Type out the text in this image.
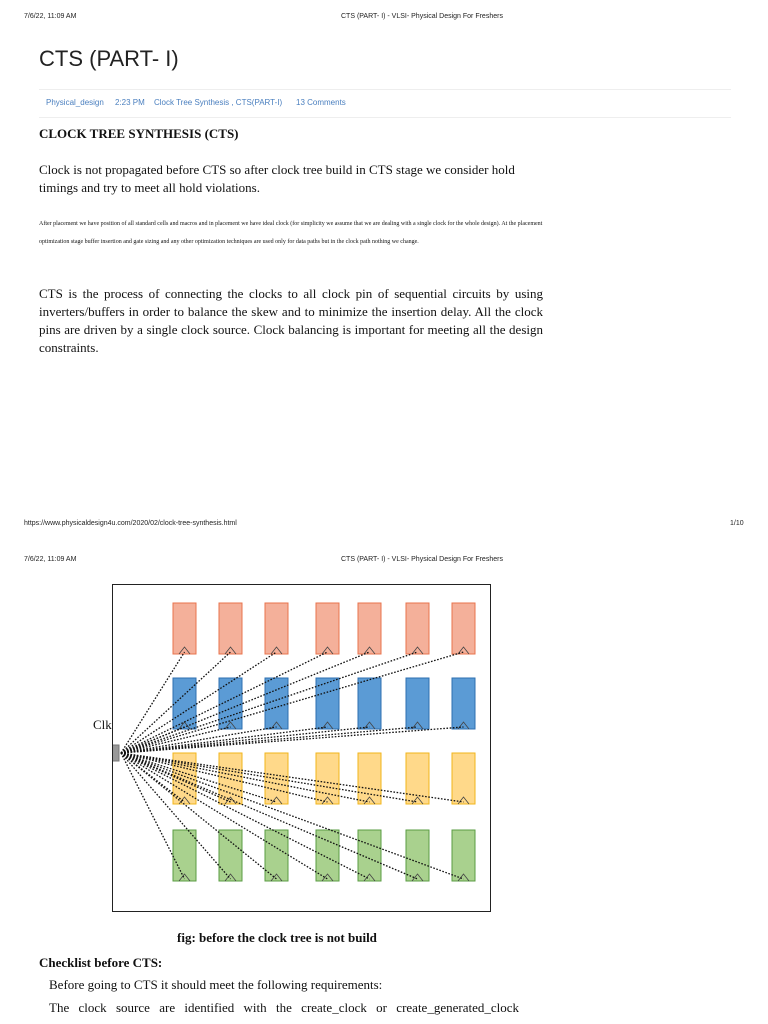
7/6/22, 11:09 AM	CTS (PART- I) - VLSI- Physical Design For Freshers
CTS (PART- I)
Physical_design 2:23 PM Clock Tree Synthesis , CTS(PART-I) 13 Comments
CLOCK TREE SYNTHESIS (CTS)
Clock is not propagated before CTS so after clock tree build in CTS stage we consider hold timings and try to meet all hold violations.
After placement we have position of all standard cells and macros and in placement we have ideal clock (for simplicity we assume that we are dealing with a single clock for the whole design). At the placement optimization stage buffer insertion and gate sizing and any other optimization techniques are used only for data paths but in the clock path nothing we change.
CTS is the process of connecting the clocks to all clock pin of sequential circuits by using inverters/buffers in order to balance the skew and to minimize the insertion delay. All the clock pins are driven by a single clock source. Clock balancing is important for meeting all the design constraints.
https://www.physicaldesign4u.com/2020/02/clock-tree-synthesis.html	1/10
7/6/22, 11:09 AM	CTS (PART- I) - VLSI- Physical Design For Freshers
Clk
fig: before the clock tree is not build
Checklist before CTS:
Before going to CTS it should meet the following requirements:
The clock source are identified with the create_clock or create_generated_clock
